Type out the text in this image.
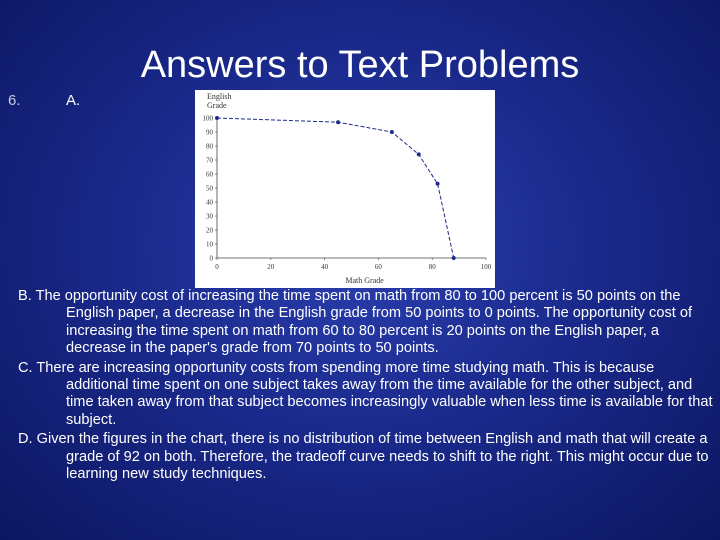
Answers to Text Problems
6.	A.
0
10
20
30
40
50
60
70
80
90
100
0	20	40	60	80	100
English Grade
Math Grade

B. The opportunity cost of increasing the time spent on math from 80 to 100 percent is 50 points on the English paper, a decrease in the English grade from 50 points to 0 points. The opportunity cost of increasing the time spent on math from 60 to 80 percent is 20 points on the English paper, a decrease in the paper's grade from 70 points to 50 points.

C. There are increasing opportunity costs from spending more time studying math. This is because additional time spent on one subject takes away from the time available for the other subject, and time taken away from that subject becomes increasingly valuable when less time is available for that subject.

D. Given the figures in the chart, there is no distribution of time between English and math that will create a grade of 92 on both. Therefore, the tradeoff curve needs to shift to the right. This might occur due to learning new study techniques.
